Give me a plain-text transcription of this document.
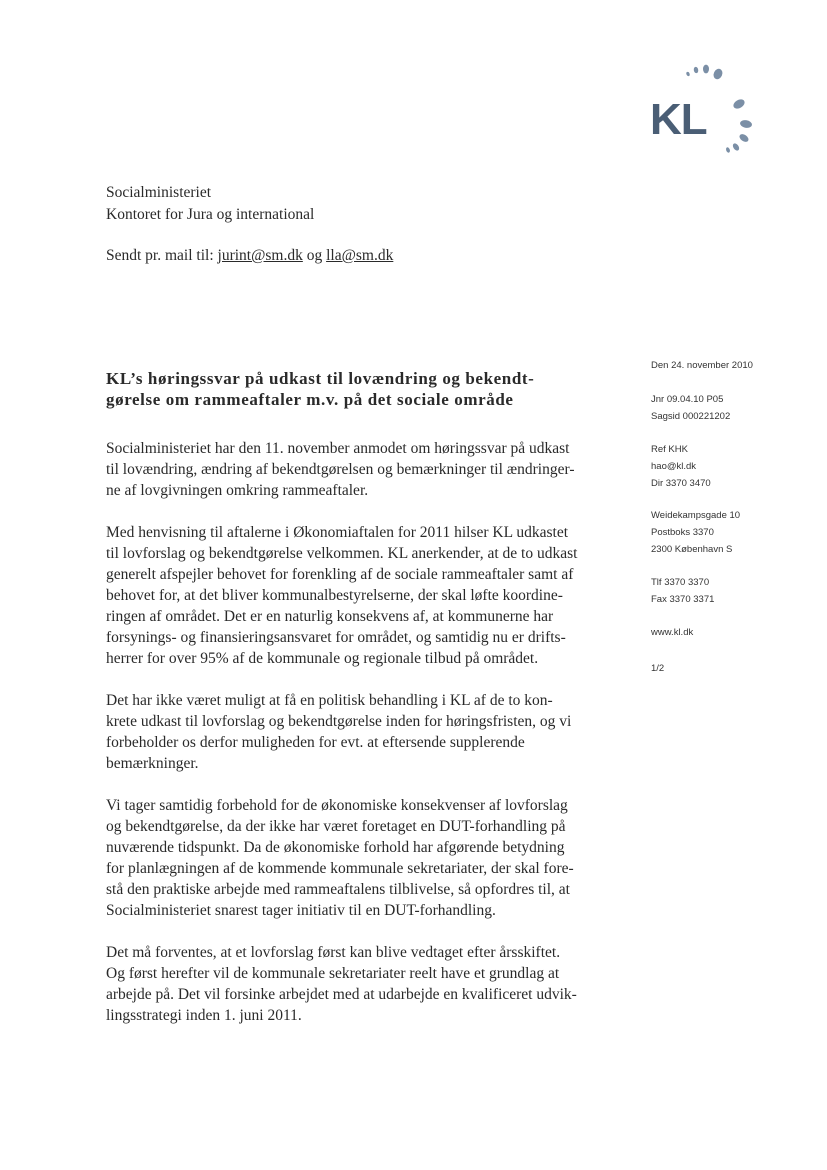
KL
Socialministeriet
Kontoret for Jura og international
Sendt pr. mail til: jurint@sm.dk og lla@sm.dk
KL’s høringssvar på udkast til lovændring og bekendt-
gørelse om rammeaftaler m.v. på det sociale område
Socialministeriet har den 11. november anmodet om høringssvar på udkast
til lovændring, ændring af bekendtgørelsen og bemærkninger til ændringer-
ne af lovgivningen omkring rammeaftaler.
Med henvisning til aftalerne i Økonomiaftalen for 2011 hilser KL udkastet
til lovforslag og bekendtgørelse velkommen. KL anerkender, at de to udkast
generelt afspejler behovet for forenkling af de sociale rammeaftaler samt af
behovet for, at det bliver kommunalbestyrelserne, der skal løfte koordine-
ringen af området. Det er en naturlig konsekvens af, at kommunerne har
forsynings- og finansieringsansvaret for området, og samtidig nu er drifts-
herrer for over 95% af de kommunale og regionale tilbud på området.
Det har ikke været muligt at få en politisk behandling i KL af de to kon-
krete udkast til lovforslag og bekendtgørelse inden for høringsfristen, og vi
forbeholder os derfor muligheden for evt. at eftersende supplerende
bemærkninger.
Vi tager samtidig forbehold for de økonomiske konsekvenser af lovforslag
og bekendtgørelse, da der ikke har været foretaget en DUT-forhandling på
nuværende tidspunkt. Da de økonomiske forhold har afgørende betydning
for planlægningen af de kommende kommunale sekretariater, der skal fore-
stå den praktiske arbejde med rammeaftalens tilblivelse, så opfordres til, at
Socialministeriet snarest tager initiativ til en DUT-forhandling.
Det må forventes, at et lovforslag først kan blive vedtaget efter årsskiftet.
Og først herefter vil de kommunale sekretariater reelt have et grundlag at
arbejde på. Det vil forsinke arbejdet med at udarbejde en kvalificeret udvik-
lingsstrategi inden 1. juni 2011.
Den 24. november 2010
Jnr 09.04.10 P05
Sagsid 000221202
Ref KHK
hao@kl.dk
Dir 3370 3470
Weidekampsgade 10
Postboks 3370
2300 København S
Tlf 3370 3370
Fax 3370 3371
www.kl.dk
1/2
